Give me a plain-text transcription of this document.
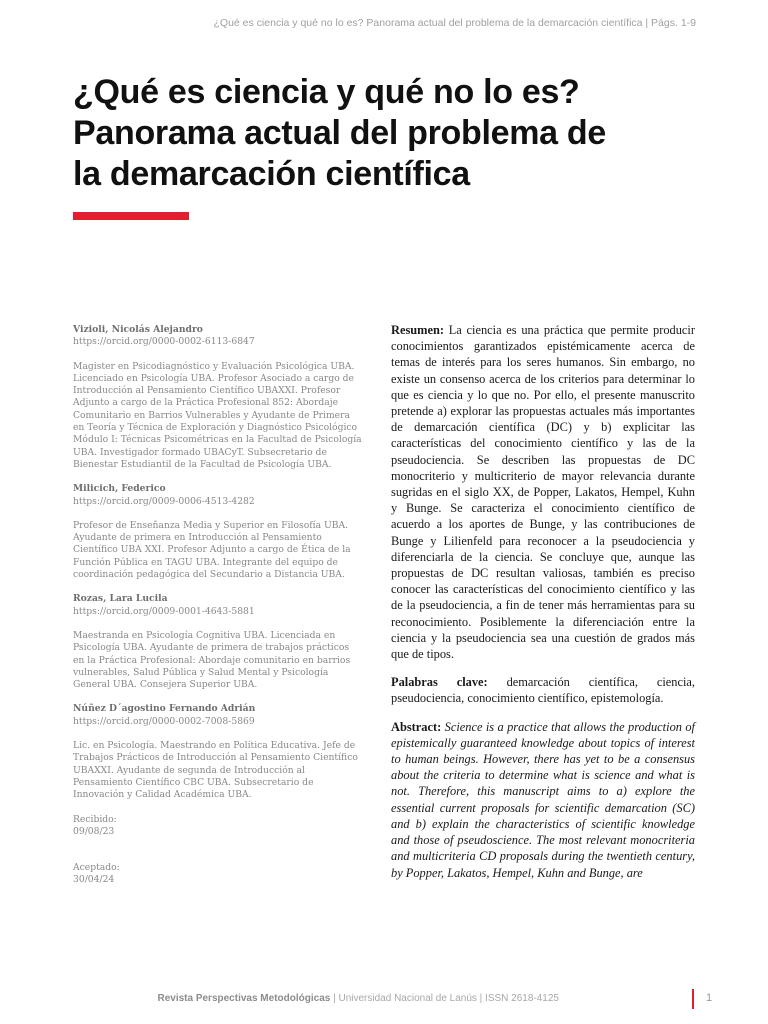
¿Qué es ciencia y qué no lo es? Panorama actual del problema de la demarcación científica | Págs. 1-9
¿Qué es ciencia y qué no lo es?
Panorama actual del problema de
la demarcación científica
Vizioli, Nicolás Alejandro
https://orcid.org/0000-0002-6113-6847
Magister en Psicodiagnóstico y Evaluación Psicológica UBA. Licenciado en Psicología UBA. Profesor Asociado a cargo de Introducción al Pensamiento Científico UBAXXI. Profesor Adjunto a cargo de la Práctica Profesional 852: Abordaje Comunitario en Barrios Vulnerables y Ayudante de Primera en Teoría y Técnica de Exploración y Diagnóstico Psicológico Módulo I: Técnicas Psicométricas en la Facultad de Psicología UBA. Investigador formado UBACyT. Subsecretario de Bienestar Estudiantil de la Facultad de Psicología UBA.
Milicich, Federico
https://orcid.org/0009-0006-4513-4282
Profesor de Enseñanza Media y Superior en Filosofía UBA. Ayudante de primera en Introducción al Pensamiento Científico UBA XXI. Profesor Adjunto a cargo de Ética de la Función Pública en TAGU UBA. Integrante del equipo de coordinación pedagógica del Secundario a Distancia UBA.
Rozas, Lara Lucila
https://orcid.org/0009-0001-4643-5881
Maestranda en Psicología Cognitiva UBA. Licenciada en Psicología UBA. Ayudante de primera de trabajos prácticos en la Práctica Profesional: Abordaje comunitario en barrios vulnerables, Salud Pública y Salud Mental y Psicología General UBA. Consejera Superior UBA.
Núñez D´agostino Fernando Adrián
https://orcid.org/0000-0002-7008-5869
Lic. en Psicología. Maestrando en Política Educativa. Jefe de Trabajos Prácticos de Introducción al Pensamiento Científico UBAXXI. Ayudante de segunda de Introducción al Pensamiento Científico CBC UBA. Subsecretario de Innovación y Calidad Académica UBA.
Recibido:
09/08/23
Aceptado:
30/04/24

Resumen: La ciencia es una práctica que permite producir conocimientos garantizados epistémicamente acerca de temas de interés para los seres humanos. Sin embargo, no existe un consenso acerca de los criterios para determinar lo que es ciencia y lo que no. Por ello, el presente manuscrito pretende a) explorar las propuestas actuales más importantes de demarcación científica (DC) y b) explicitar las características del conocimiento científico y las de la pseudociencia. Se describen las propuestas de DC monocriterio y multicriterio de mayor relevancia durante sugridas en el siglo XX, de Popper, Lakatos, Hempel, Kuhn y Bunge. Se caracteriza el conocimiento científico de acuerdo a los aportes de Bunge, y las contribuciones de Bunge y Lilienfeld para reconocer a la pseudociencia y diferenciarla de la ciencia. Se concluye que, aunque las propuestas de DC resultan valiosas, también es preciso conocer las características del conocimiento científico y las de la pseudociencia, a fin de tener más herramientas para su reconocimiento. Posiblemente la diferenciación entre la ciencia y la pseudociencia sea una cuestión de grados más que de tipos.

Palabras clave: demarcación científica, ciencia, pseudociencia, conocimiento científico, epistemología.

Abstract: Science is a practice that allows the production of epistemically guaranteed knowledge about topics of interest to human beings. However, there has yet to be a consensus about the criteria to determine what is science and what is not. Therefore, this manuscript aims to a) explore the essential current proposals for scientific demarcation (SC) and b) explain the characteristics of scientific knowledge and those of pseudoscience. The most relevant monocriteria and multicriteria CD proposals during the twentieth century, by Popper, Lakatos, Hempel, Kuhn and Bunge, are

Revista Perspectivas Metodológicas | Universidad Nacional de Lanús | ISSN 2618-4125	1
